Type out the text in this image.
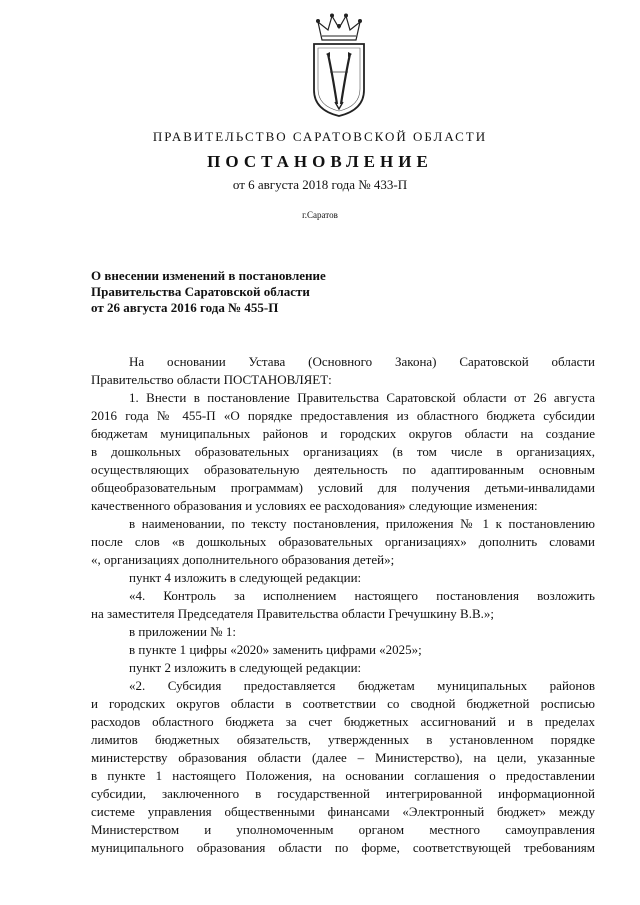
ПРАВИТЕЛЬСТВО САРАТОВСКОЙ ОБЛАСТИ
ПОСТАНОВЛЕНИЕ
от 6 августа 2018 года № 433-П
г.Саратов
О внесении изменений в постановление
Правительства Саратовской области
от 26 августа 2016 года № 455-П
На основании Устава (Основного Закона) Саратовской области
Правительство области ПОСТАНОВЛЯЕТ:
1. Внести в постановление Правительства Саратовской области от 26 августа
2016 года № 455-П «О порядке предоставления из областного бюджета субсидии
бюджетам муниципальных районов и городских округов области на создание
в дошкольных образовательных организациях (в том числе в организациях,
осуществляющих образовательную деятельность по адаптированным основным
общеобразовательным программам) условий для получения детьми-инвалидами
качественного образования и условиях ее расходования» следующие изменения:
в наименовании, по тексту постановления, приложения № 1 к постановлению
после слов «в дошкольных образовательных организациях» дополнить словами
«, организациях дополнительного образования детей»;
пункт 4 изложить в следующей редакции:
«4. Контроль за исполнением настоящего постановления возложить
на заместителя Председателя Правительства области Гречушкину В.В.»;
в приложении № 1:
в пункте 1 цифры «2020» заменить цифрами «2025»;
пункт 2 изложить в следующей редакции:
«2. Субсидия предоставляется бюджетам муниципальных районов
и городских округов области в соответствии со сводной бюджетной росписью
расходов областного бюджета за счет бюджетных ассигнований и в пределах
лимитов бюджетных обязательств, утвержденных в установленном порядке
министерству образования области (далее – Министерство), на цели, указанные
в пункте 1 настоящего Положения, на основании соглашения о предоставлении
субсидии, заключенного в государственной интегрированной информационной
системе управления общественными финансами «Электронный бюджет» между
Министерством и уполномоченным органом местного самоуправления
муниципального образования области по форме, соответствующей требованиям
